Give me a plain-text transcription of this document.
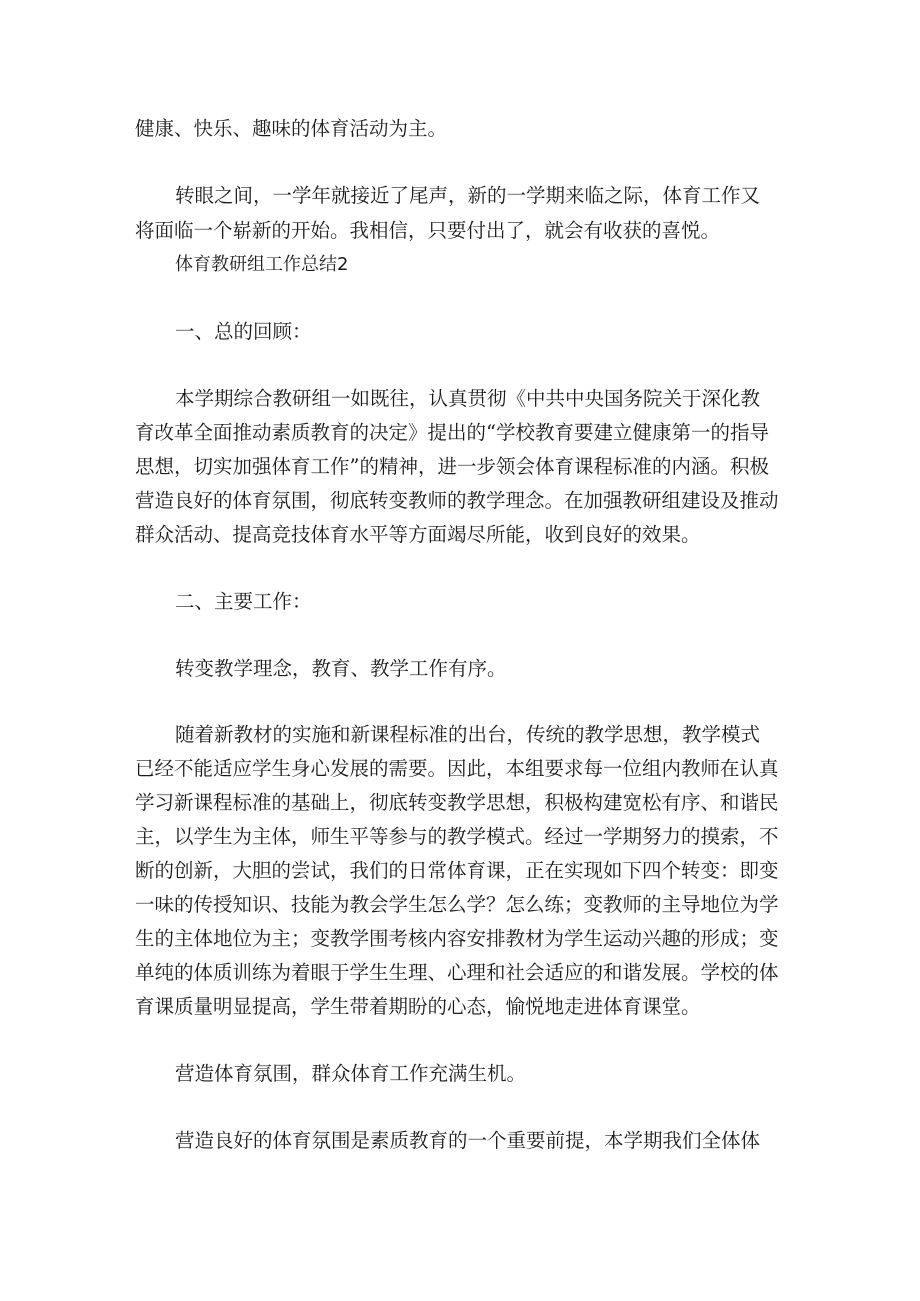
健康、快乐、趣味的体育活动为主。
转眼之间，一学年就接近了尾声，新的一学期来临之际，体育工作又
将面临一个崭新的开始。我相信，只要付出了，就会有收获的喜悦。
体育教研组工作总结2
一、总的回顾：
本学期综合教研组一如既往，认真贯彻《中共中央国务院关于深化教
育改革全面推动素质教育的决定》提出的“学校教育要建立健康第一的指导
思想，切实加强体育工作”的精神，进一步领会体育课程标准的内涵。积极
营造良好的体育氛围，彻底转变教师的教学理念。在加强教研组建设及推动
群众活动、提高竞技体育水平等方面竭尽所能，收到良好的效果。
二、主要工作：
转变教学理念，教育、教学工作有序。
随着新教材的实施和新课程标准的出台，传统的教学思想，教学模式
已经不能适应学生身心发展的需要。因此，本组要求每一位组内教师在认真
学习新课程标准的基础上，彻底转变教学思想，积极构建宽松有序、和谐民
主，以学生为主体，师生平等参与的教学模式。经过一学期努力的摸索，不
断的创新，大胆的尝试，我们的日常体育课，正在实现如下四个转变：即变
一味的传授知识、技能为教会学生怎么学？怎么练；变教师的主导地位为学
生的主体地位为主；变教学围考核内容安排教材为学生运动兴趣的形成；变
单纯的体质训练为着眼于学生生理、心理和社会适应的和谐发展。学校的体
育课质量明显提高，学生带着期盼的心态，愉悦地走进体育课堂。
营造体育氛围，群众体育工作充满生机。
营造良好的体育氛围是素质教育的一个重要前提，本学期我们全体体
